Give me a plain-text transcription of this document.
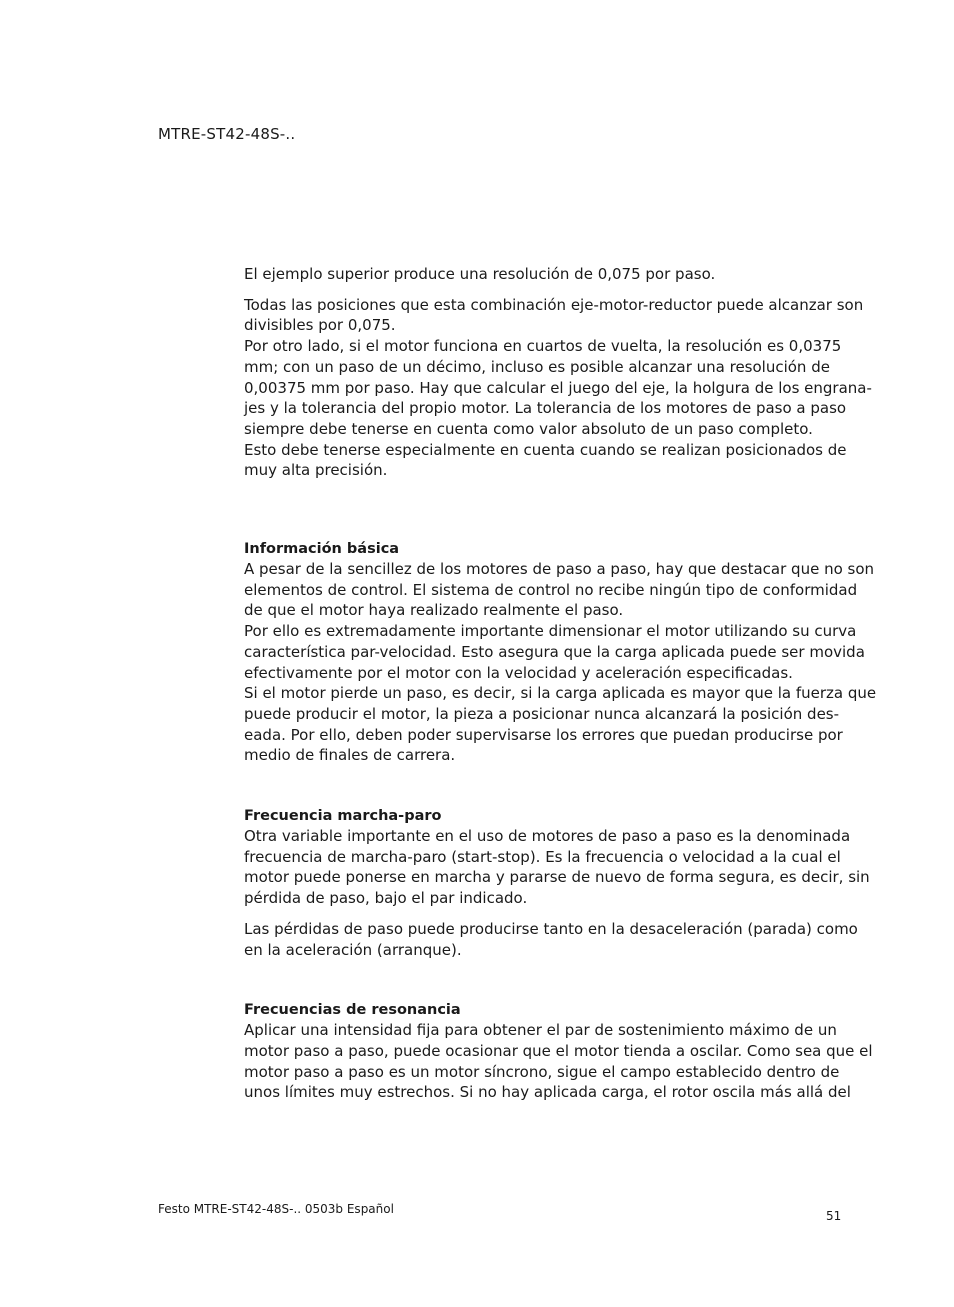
MTRE-ST42-48S-..

El ejemplo superior produce una resolución de 0,075 por paso.

Todas las posiciones que esta combinación eje-motor-reductor puede alcanzar son
divisibles por 0,075.
Por otro lado, si el motor funciona en cuartos de vuelta, la resolución es 0,0375
mm; con un paso de un décimo, incluso es posible alcanzar una resolución de
0,00375 mm por paso. Hay que calcular el juego del eje, la holgura de los engrana-
jes y la tolerancia del propio motor. La tolerancia de los motores de paso a paso
siempre debe tenerse en cuenta como valor absoluto de un paso completo.
Esto debe tenerse especialmente en cuenta cuando se realizan posicionados de
muy alta precisión.

Información básica

A pesar de la sencillez de los motores de paso a paso, hay que destacar que no son
elementos de control. El sistema de control no recibe ningún tipo de conformidad
de que el motor haya realizado realmente el paso.
Por ello es extremadamente importante dimensionar el motor utilizando su curva
característica par-velocidad. Esto asegura que la carga aplicada puede ser movida
efectivamente por el motor con la velocidad y aceleración especificadas.
Si el motor pierde un paso, es decir, si la carga aplicada es mayor que la fuerza que
puede producir el motor, la pieza a posicionar nunca alcanzará la posición des-
eada. Por ello, deben poder supervisarse los errores que puedan producirse por
medio de finales de carrera.

Frecuencia marcha-paro

Otra variable importante en el uso de motores de paso a paso es la denominada
frecuencia de marcha-paro (start-stop). Es la frecuencia o velocidad a la cual el
motor puede ponerse en marcha y pararse de nuevo de forma segura, es decir, sin
pérdida de paso, bajo el par indicado.

Las pérdidas de paso puede producirse tanto en la desaceleración (parada) como
en la aceleración (arranque).

Frecuencias de resonancia

Aplicar una intensidad fija para obtener el par de sostenimiento máximo de un
motor paso a paso, puede ocasionar que el motor tienda a oscilar. Como sea que el
motor paso a paso es un motor síncrono, sigue el campo establecido dentro de
unos límites muy estrechos. Si no hay aplicada carga, el rotor oscila más allá del

Festo MTRE-ST42-48S-.. 0503b Español	51
